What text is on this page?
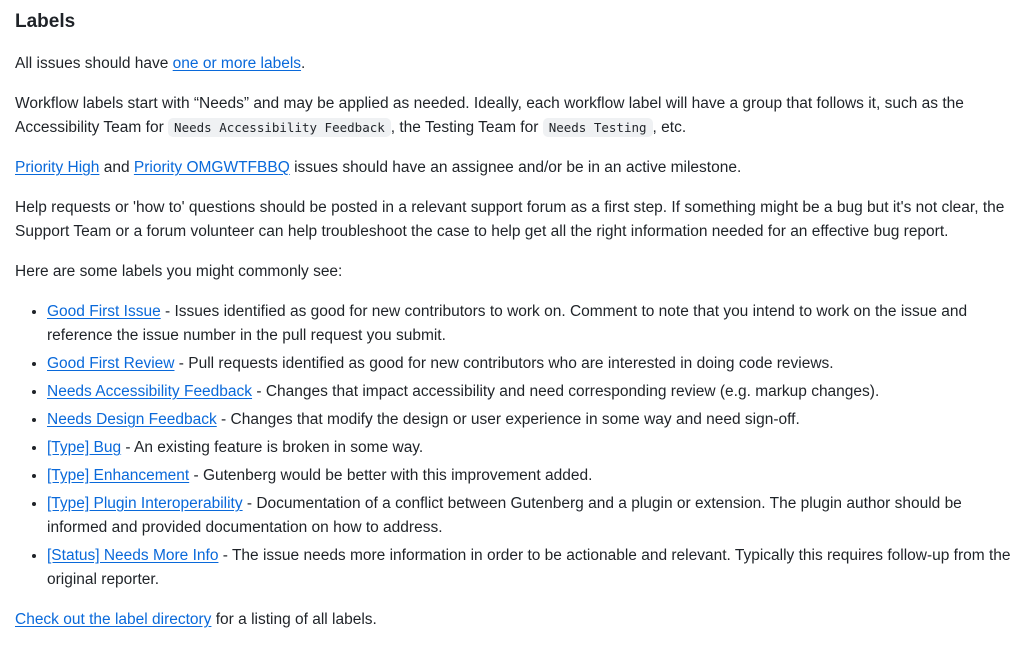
Labels

All issues should have one or more labels.

Workflow labels start with “Needs” and may be applied as needed. Ideally, each workflow label will have a group that follows it, such as the Accessibility Team for Needs Accessibility Feedback , the Testing Team for Needs Testing , etc.

Priority High and Priority OMGWTFBBQ issues should have an assignee and/or be in an active milestone.

Help requests or 'how to' questions should be posted in a relevant support forum as a first step. If something might be a bug but it's not clear, the Support Team or a forum volunteer can help troubleshoot the case to help get all the right information needed for an effective bug report.

Here are some labels you might commonly see:

• Good First Issue - Issues identified as good for new contributors to work on. Comment to note that you intend to work on the issue and reference the issue number in the pull request you submit.
• Good First Review - Pull requests identified as good for new contributors who are interested in doing code reviews.
• Needs Accessibility Feedback - Changes that impact accessibility and need corresponding review (e.g. markup changes).
• Needs Design Feedback - Changes that modify the design or user experience in some way and need sign-off.
• [Type] Bug - An existing feature is broken in some way.
• [Type] Enhancement - Gutenberg would be better with this improvement added.
• [Type] Plugin Interoperability - Documentation of a conflict between Gutenberg and a plugin or extension. The plugin author should be informed and provided documentation on how to address.
• [Status] Needs More Info - The issue needs more information in order to be actionable and relevant. Typically this requires follow-up from the original reporter.

Check out the label directory for a listing of all labels.
